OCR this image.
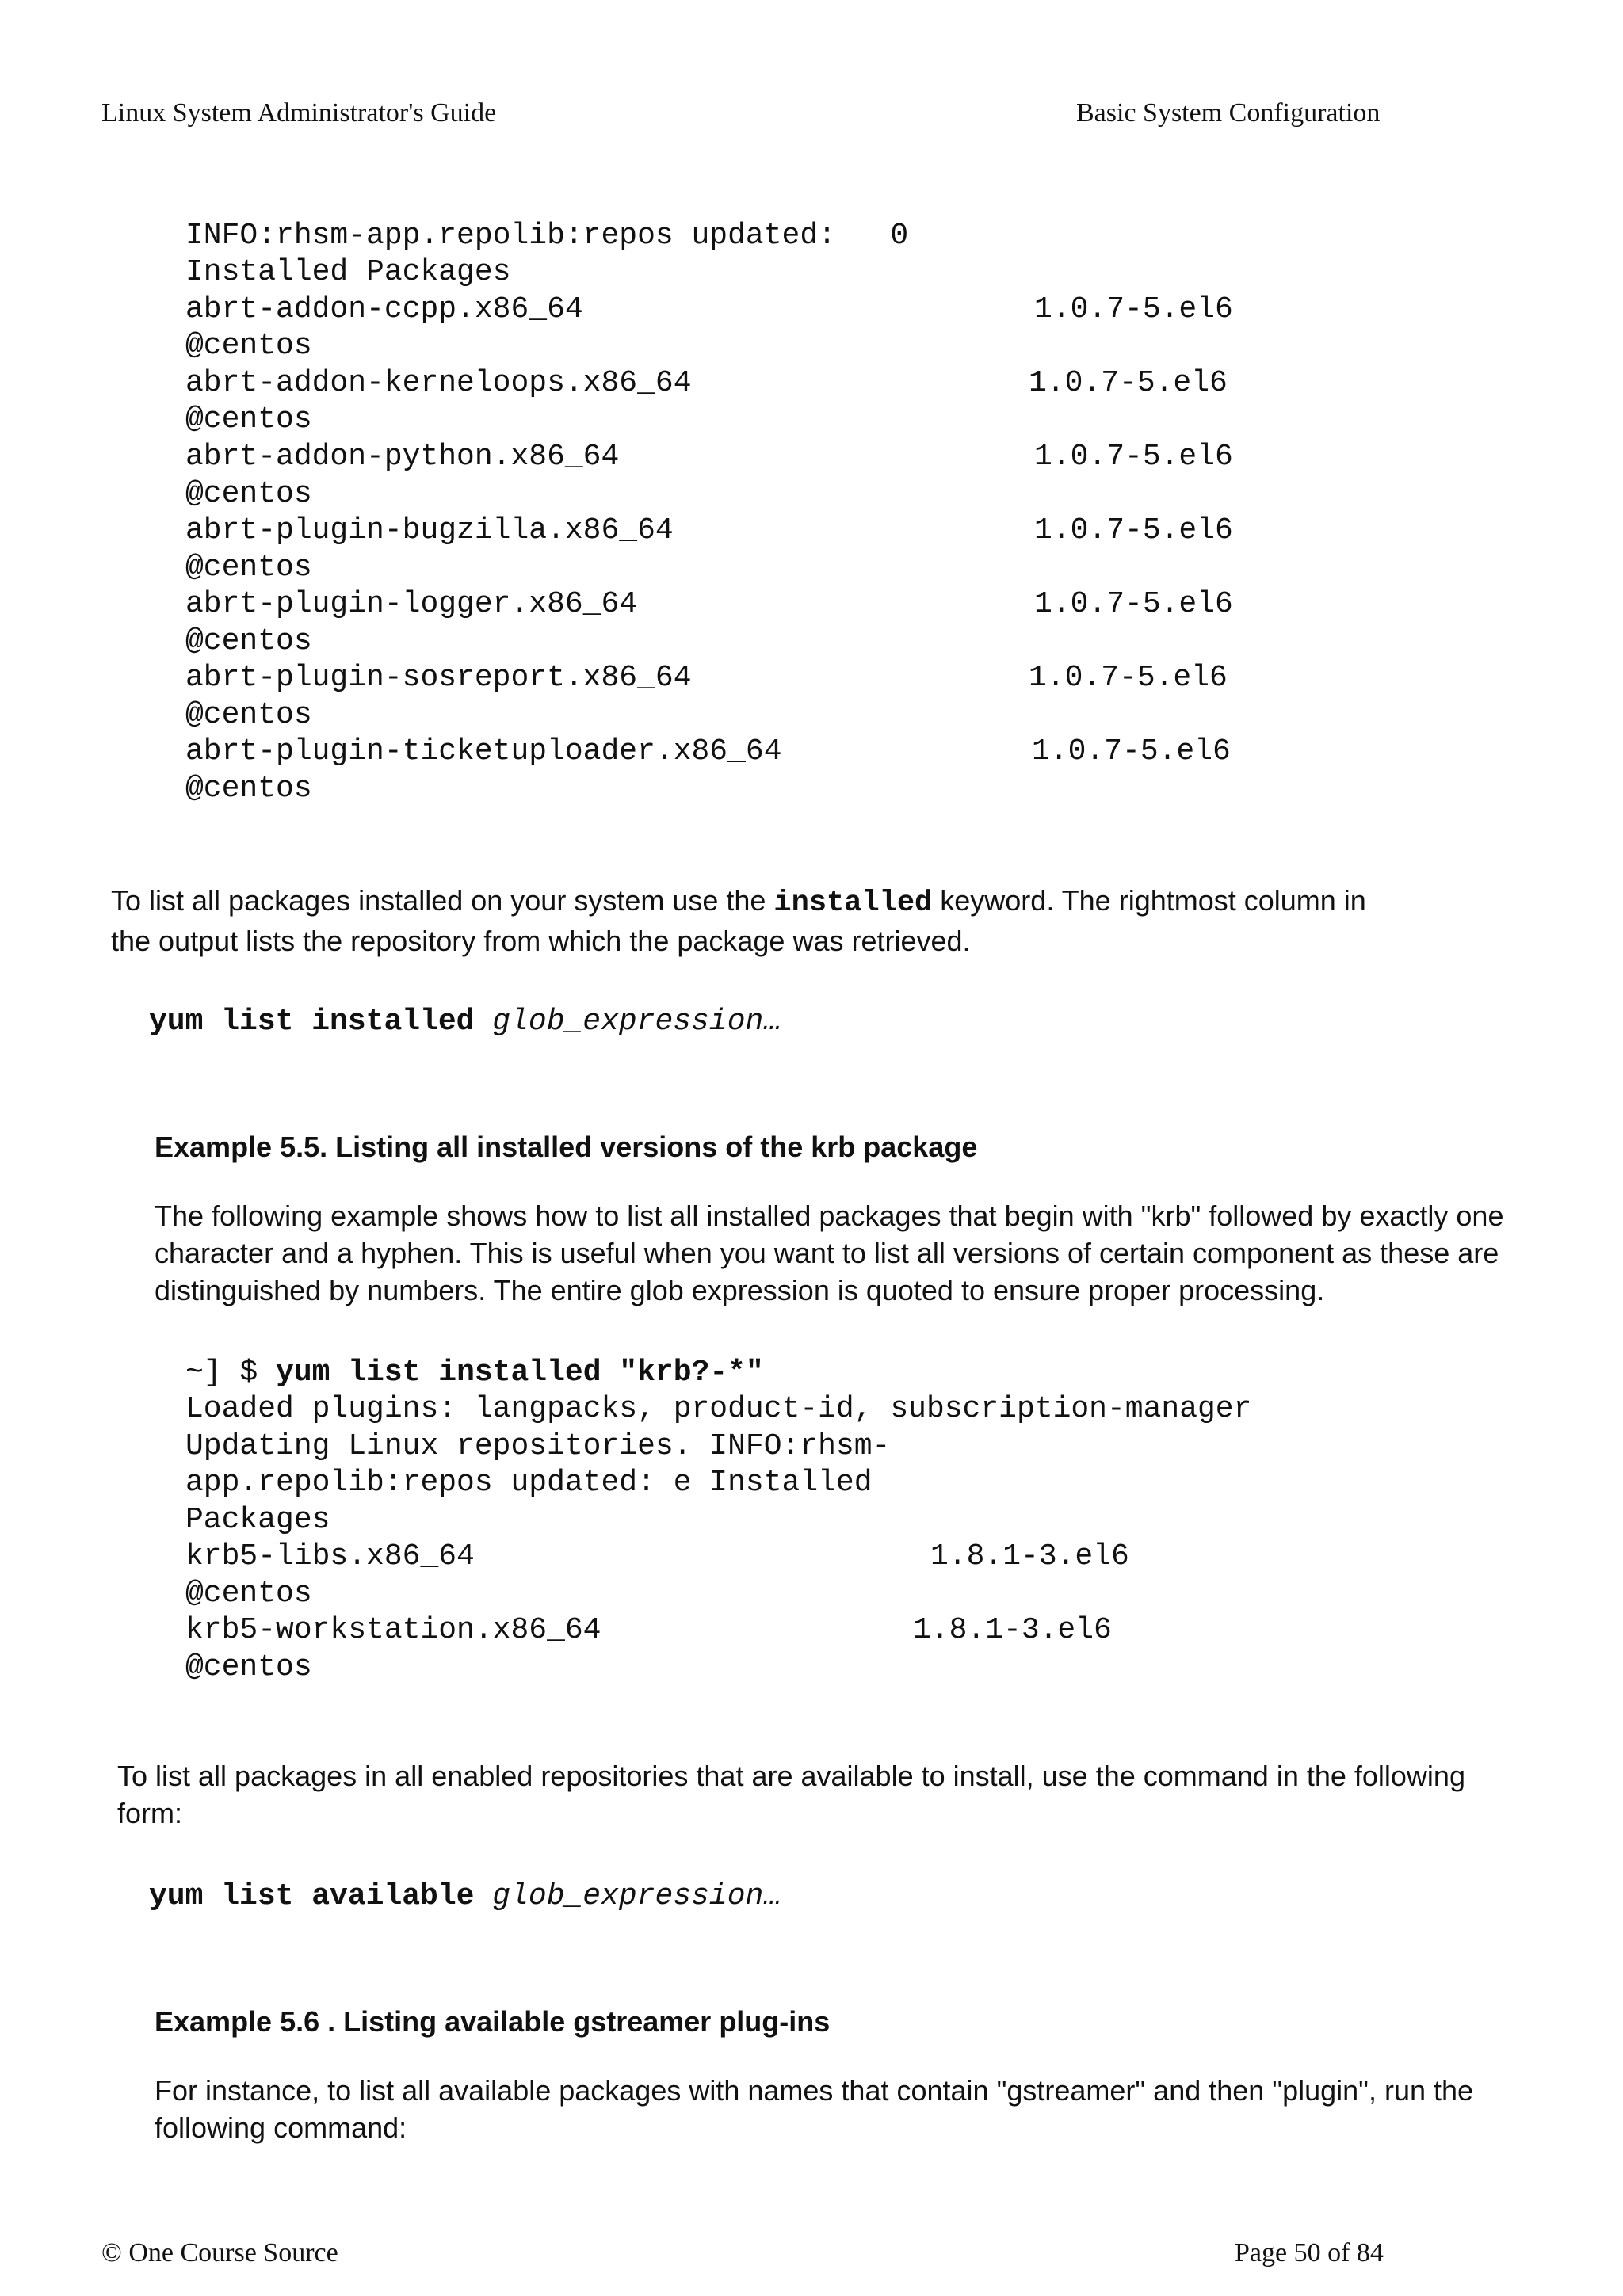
Linux System Administrator's Guide	Basic System Configuration
INFO:rhsm-app.repolib:repos updated:   0
Installed Packages
abrt-addon-ccpp.x86_64	1.0.7-5.el6
@centos
abrt-addon-kerneloops.x86_64	1.0.7-5.el6
@centos
abrt-addon-python.x86_64	1.0.7-5.el6
@centos
abrt-plugin-bugzilla.x86_64	1.0.7-5.el6
@centos
abrt-plugin-logger.x86_64	1.0.7-5.el6
@centos
abrt-plugin-sosreport.x86_64	1.0.7-5.el6
@centos
abrt-plugin-ticketuploader.x86_64	1.0.7-5.el6
@centos
To list all packages installed on your system use the installed keyword. The rightmost column in the output lists the repository from which the package was retrieved.
yum list installed glob_expression…
Example 5.5. Listing all installed versions of the krb package
The following example shows how to list all installed packages that begin with "krb" followed by exactly one character and a hyphen. This is useful when you want to list all versions of certain component as these are distinguished by numbers. The entire glob expression is quoted to ensure proper processing.
~] $ yum list installed "krb?-*"
Loaded plugins: langpacks, product-id, subscription-manager
Updating Linux repositories. INFO:rhsm-
app.repolib:repos updated: e Installed
Packages
krb5-libs.x86_64	1.8.1-3.el6
@centos
krb5-workstation.x86_64	1.8.1-3.el6
@centos
To list all packages in all enabled repositories that are available to install, use the command in the following form:
yum list available glob_expression…
Example 5.6 . Listing available gstreamer plug-ins
For instance, to list all available packages with names that contain "gstreamer" and then "plugin", run the following command:
© One Course Source	Page 50 of 84
